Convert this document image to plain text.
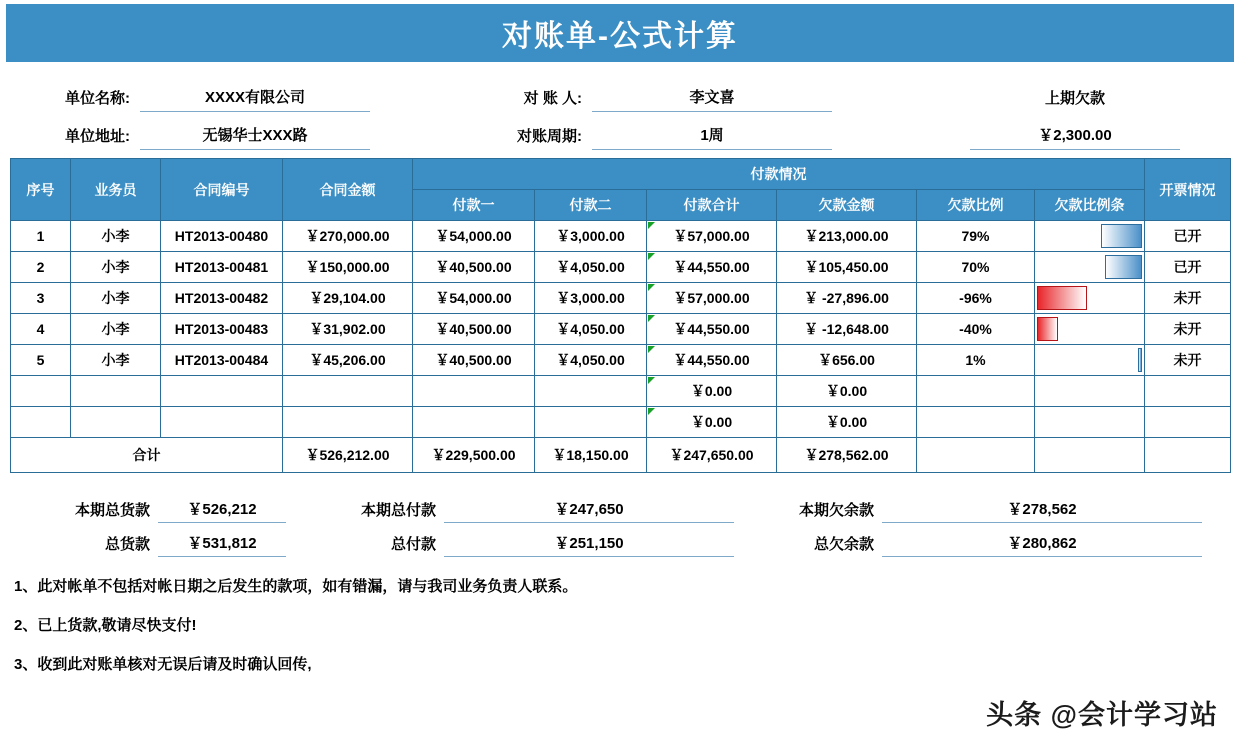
对账单-公式计算
单位名称:	XXXX有限公司	对 账 人:	李文喜	上期欠款
单位地址:	无锡华士XXX路	对账周期:	1周	￥2,300.00
序号	业务员	合同编号	合同金额	付款情况						开票情况
				付款一	付款二	付款合计	欠款金额	欠款比例	欠款比例条	
1	小李	HT2013-00480	￥270,000.00	￥54,000.00	￥3,000.00	￥57,000.00	￥213,000.00	79%		已开
2	小李	HT2013-00481	￥150,000.00	￥40,500.00	￥4,050.00	￥44,550.00	￥105,450.00	70%		已开
3	小李	HT2013-00482	￥29,104.00	￥54,000.00	￥3,000.00	￥57,000.00	￥ -27,896.00	-96%		未开
4	小李	HT2013-00483	￥31,902.00	￥40,500.00	￥4,050.00	￥44,550.00	￥ -12,648.00	-40%		未开
5	小李	HT2013-00484	￥45,206.00	￥40,500.00	￥4,050.00	￥44,550.00	￥656.00	1%		未开
						￥0.00	￥0.00			
						￥0.00	￥0.00			
合计			￥526,212.00	￥229,500.00	￥18,150.00	￥247,650.00	￥278,562.00			
本期总货款	￥526,212	本期总付款	￥247,650	本期欠余款	￥278,562
总货款	￥531,812	总付款	￥251,150	总欠余款	￥280,862
1、此对帐单不包括对帐日期之后发生的款项，如有错漏，请与我司业务负责人联系。
2、已上货款,敬请尽快支付!
3、收到此对账单核对无误后请及时确认回传,
头条 @会计学习站
